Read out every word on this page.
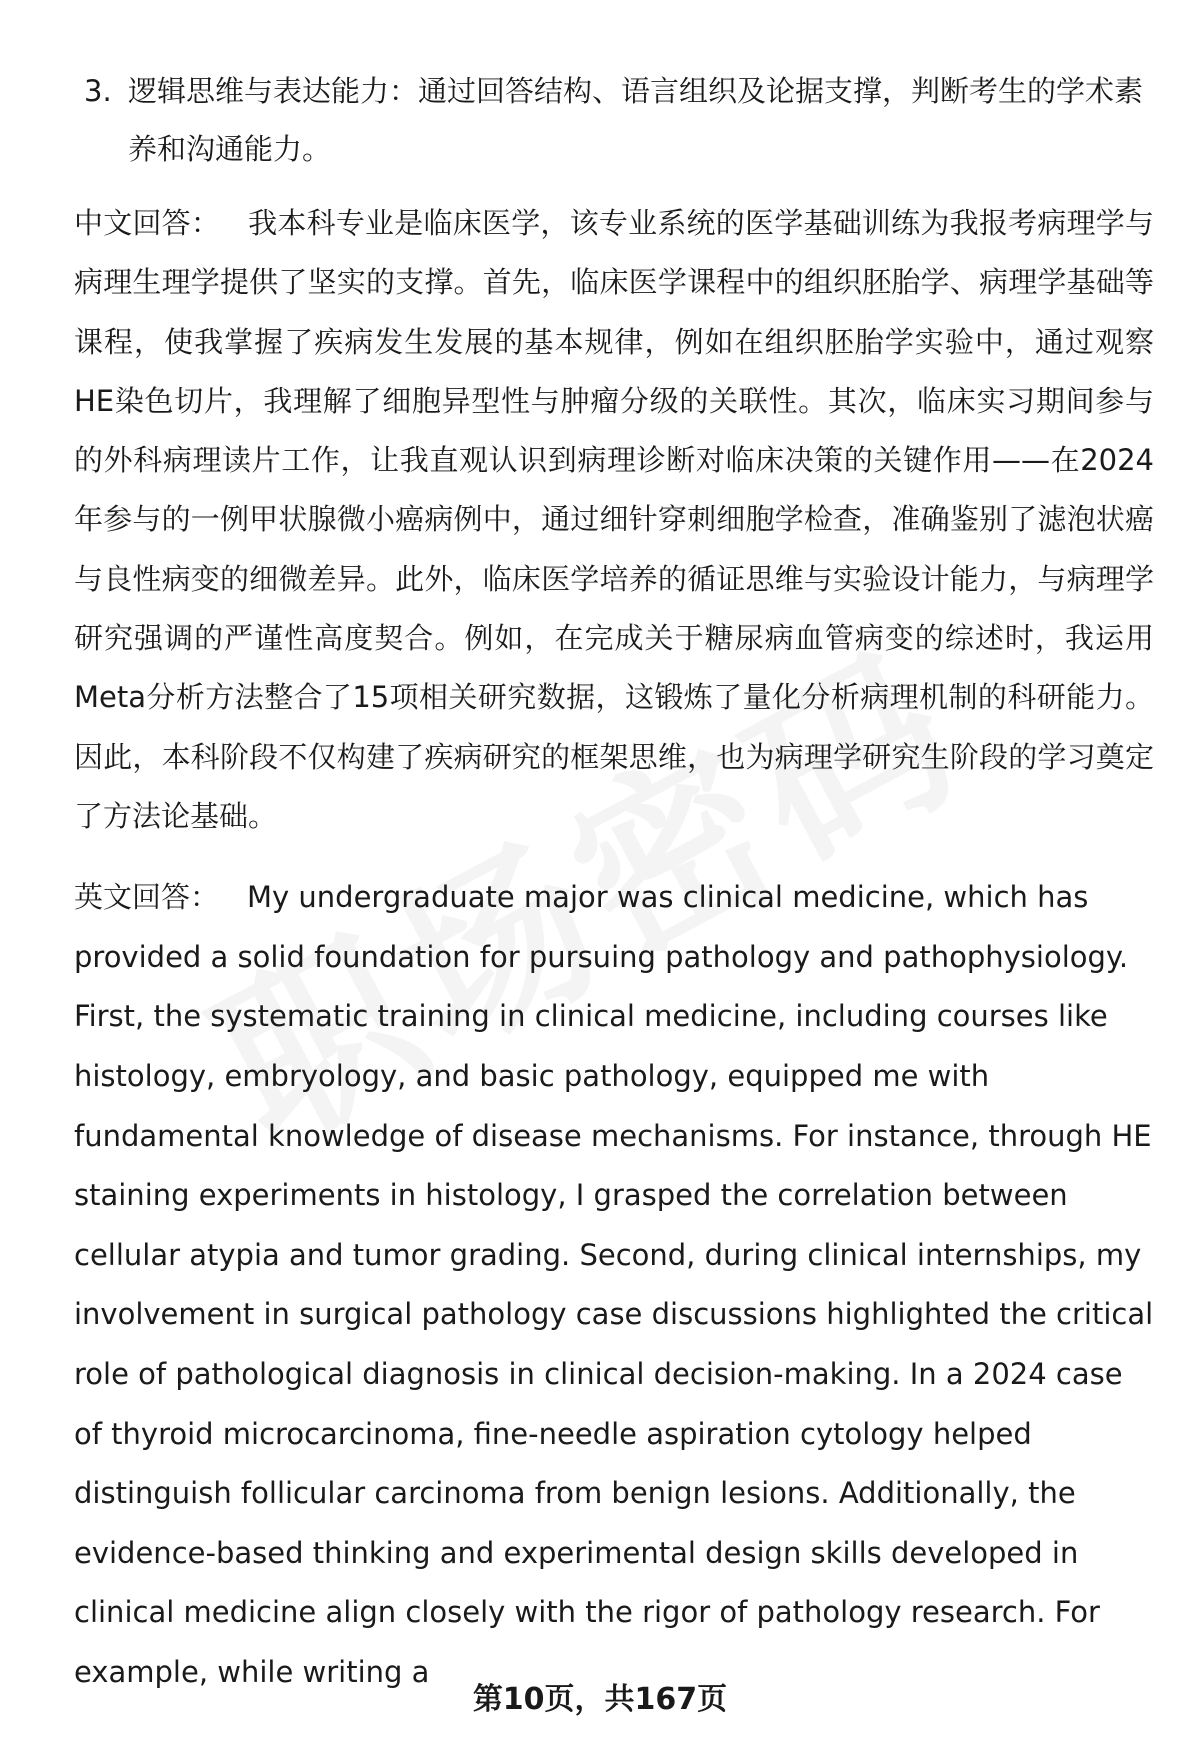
3. 逻辑思维与表达能力：通过回答结构、语言组织及论据支撑，判断考生的学术素养和沟通能力。
中文回答： 我本科专业是临床医学，该专业系统的医学基础训练为我报考病理学与病理生理学提供了坚实的支撑。首先，临床医学课程中的组织胚胎学、病理学基础等课程，使我掌握了疾病发生发展的基本规律，例如在组织胚胎学实验中，通过观察HE染色切片，我理解了细胞异型性与肿瘤分级的关联性。其次，临床实习期间参与的外科病理读片工作，让我直观认识到病理诊断对临床决策的关键作用——在2024年参与的一例甲状腺微小癌病例中，通过细针穿刺细胞学检查，准确鉴别了滤泡状癌与良性病变的细微差异。此外，临床医学培养的循证思维与实验设计能力，与病理学研究强调的严谨性高度契合。例如，在完成关于糖尿病血管病变的综述时，我运用Meta分析方法整合了15项相关研究数据，这锻炼了量化分析病理机制的科研能力。因此，本科阶段不仅构建了疾病研究的框架思维，也为病理学研究生阶段的学习奠定了方法论基础。
英文回答： My undergraduate major was clinical medicine, which has provided a solid foundation for pursuing pathology and pathophysiology. First, the systematic training in clinical medicine, including courses like histology, embryology, and basic pathology, equipped me with fundamental knowledge of disease mechanisms. For instance, through HE staining experiments in histology, I grasped the correlation between cellular atypia and tumor grading. Second, during clinical internships, my involvement in surgical pathology case discussions highlighted the critical role of pathological diagnosis in clinical decision-making. In a 2024 case of thyroid microcarcinoma, fine-needle aspiration cytology helped distinguish follicular carcinoma from benign lesions. Additionally, the evidence-based thinking and experimental design skills developed in clinical medicine align closely with the rigor of pathology research. For example, while writing a
第10页，共167页
